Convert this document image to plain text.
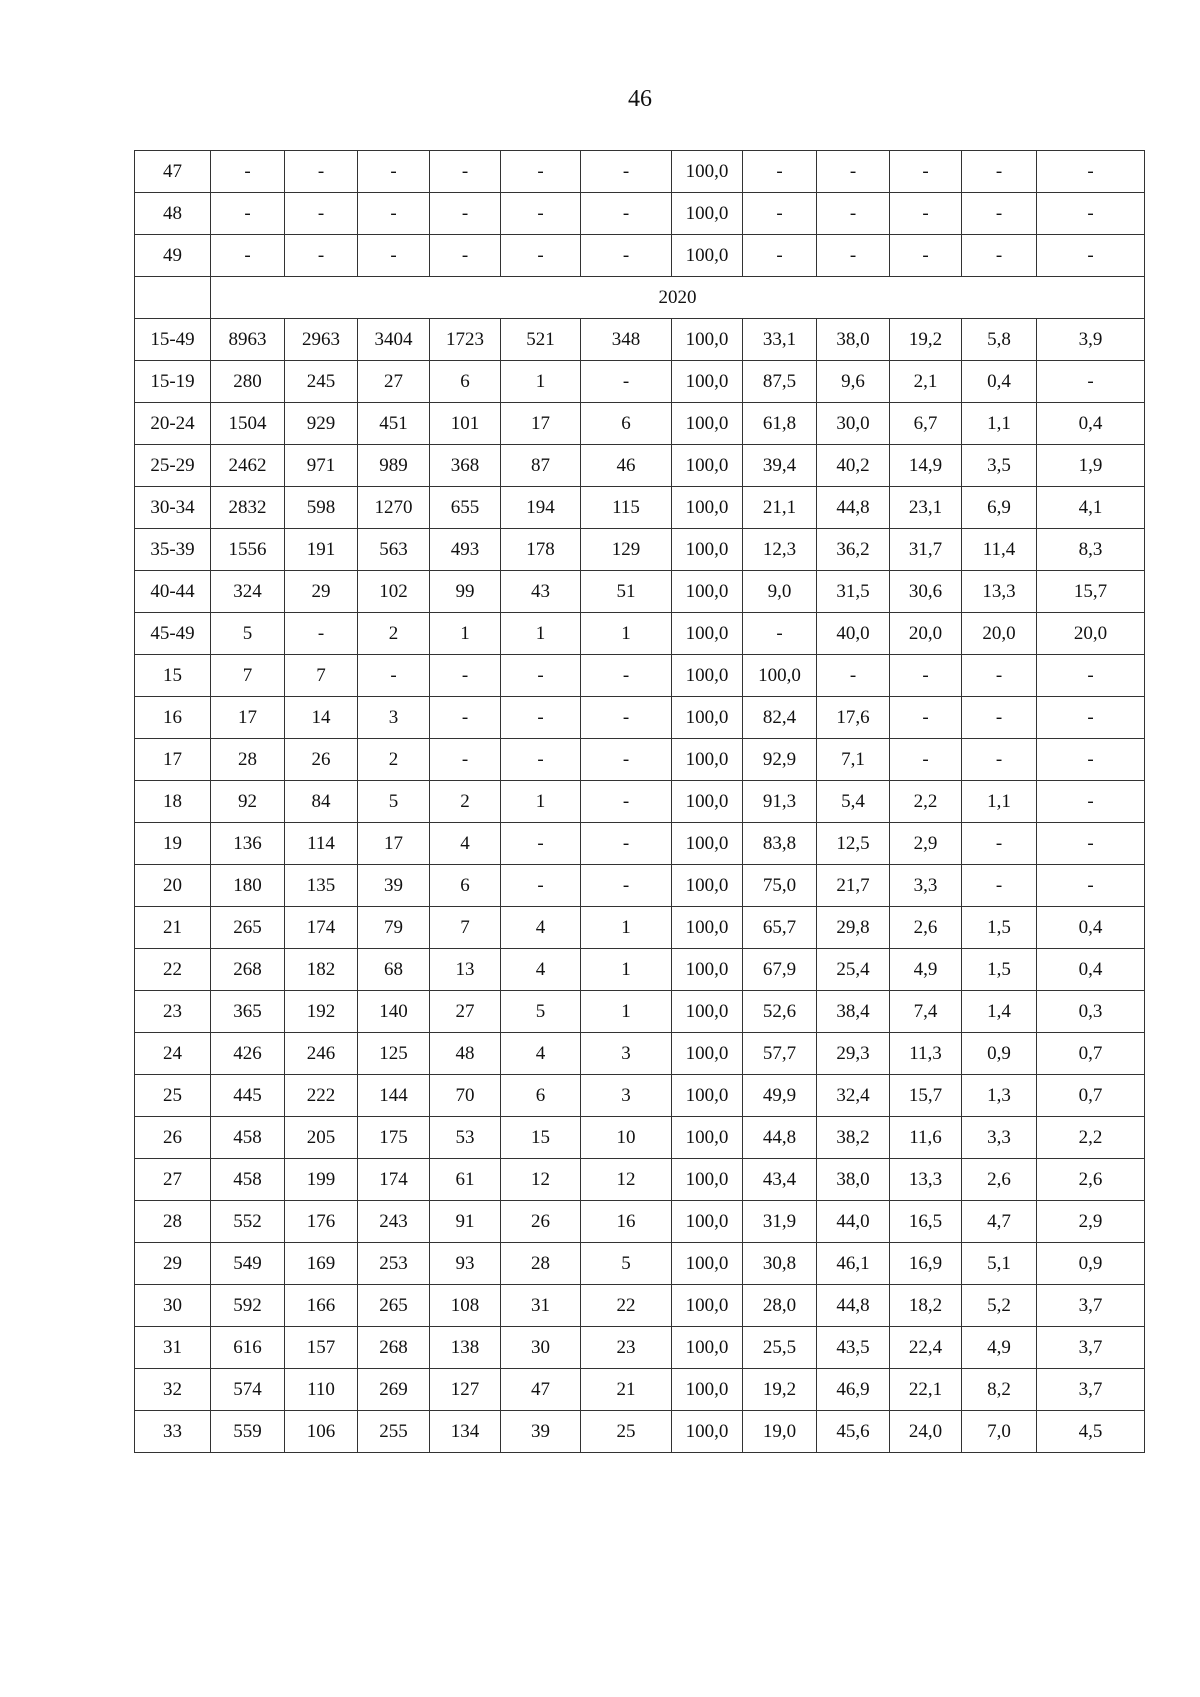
46
47	-	-	-	-	-	-	100,0	-	-	-	-	-
48	-	-	-	-	-	-	100,0	-	-	-	-	-
49	-	-	-	-	-	-	100,0	-	-	-	-	-
	2020											
15-49	8963	2963	3404	1723	521	348	100,0	33,1	38,0	19,2	5,8	3,9
15-19	280	245	27	6	1	-	100,0	87,5	9,6	2,1	0,4	-
20-24	1504	929	451	101	17	6	100,0	61,8	30,0	6,7	1,1	0,4
25-29	2462	971	989	368	87	46	100,0	39,4	40,2	14,9	3,5	1,9
30-34	2832	598	1270	655	194	115	100,0	21,1	44,8	23,1	6,9	4,1
35-39	1556	191	563	493	178	129	100,0	12,3	36,2	31,7	11,4	8,3
40-44	324	29	102	99	43	51	100,0	9,0	31,5	30,6	13,3	15,7
45-49	5	-	2	1	1	1	100,0	-	40,0	20,0	20,0	20,0
15	7	7	-	-	-	-	100,0	100,0	-	-	-	-
16	17	14	3	-	-	-	100,0	82,4	17,6	-	-	-
17	28	26	2	-	-	-	100,0	92,9	7,1	-	-	-
18	92	84	5	2	1	-	100,0	91,3	5,4	2,2	1,1	-
19	136	114	17	4	-	-	100,0	83,8	12,5	2,9	-	-
20	180	135	39	6	-	-	100,0	75,0	21,7	3,3	-	-
21	265	174	79	7	4	1	100,0	65,7	29,8	2,6	1,5	0,4
22	268	182	68	13	4	1	100,0	67,9	25,4	4,9	1,5	0,4
23	365	192	140	27	5	1	100,0	52,6	38,4	7,4	1,4	0,3
24	426	246	125	48	4	3	100,0	57,7	29,3	11,3	0,9	0,7
25	445	222	144	70	6	3	100,0	49,9	32,4	15,7	1,3	0,7
26	458	205	175	53	15	10	100,0	44,8	38,2	11,6	3,3	2,2
27	458	199	174	61	12	12	100,0	43,4	38,0	13,3	2,6	2,6
28	552	176	243	91	26	16	100,0	31,9	44,0	16,5	4,7	2,9
29	549	169	253	93	28	5	100,0	30,8	46,1	16,9	5,1	0,9
30	592	166	265	108	31	22	100,0	28,0	44,8	18,2	5,2	3,7
31	616	157	268	138	30	23	100,0	25,5	43,5	22,4	4,9	3,7
32	574	110	269	127	47	21	100,0	19,2	46,9	22,1	8,2	3,7
33	559	106	255	134	39	25	100,0	19,0	45,6	24,0	7,0	4,5
